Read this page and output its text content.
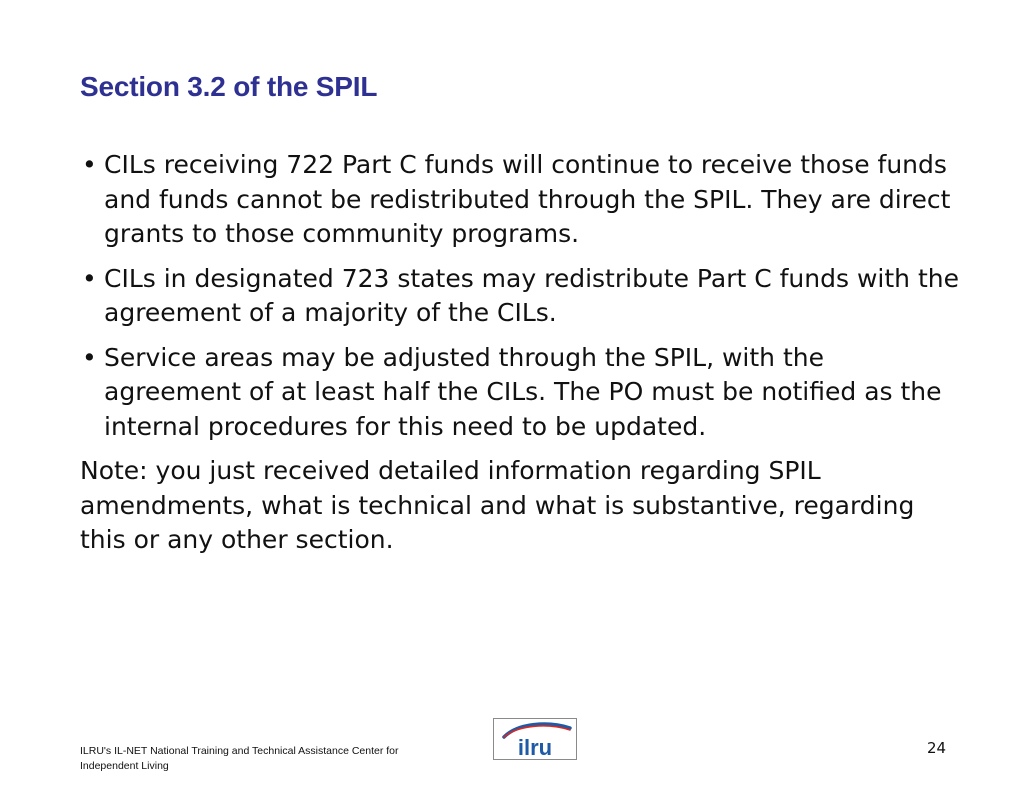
Section 3.2 of the SPIL
• CILs receiving 722 Part C funds will continue to receive those funds and funds cannot be redistributed through the SPIL. They are direct grants to those community programs.
• CILs in designated 723 states may redistribute Part C funds with the agreement of a majority of the CILs.
• Service areas may be adjusted through the SPIL, with the agreement of at least half the CILs. The PO must be notified as the internal procedures for this need to be updated.

Note: you just received detailed information regarding SPIL amendments, what is technical and what is substantive, regarding this or any other section.

ILRU's IL-NET National Training and Technical Assistance Center for
Independent Living
ilru	24
